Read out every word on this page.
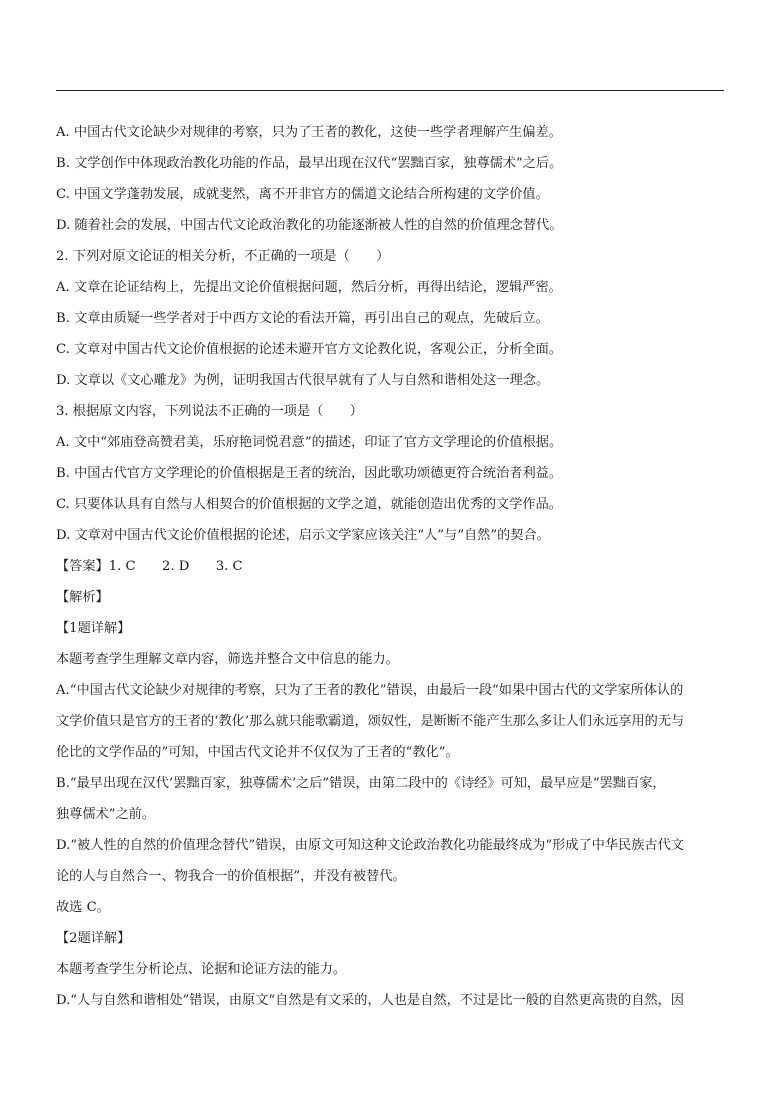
A. 中国古代文论缺少对规律的考察，只为了王者的教化，这使一些学者理解产生偏差。
B. 文学创作中体现政治教化功能的作品，最早出现在汉代“罢黜百家，独尊儒术”之后。
C. 中国文学蓬勃发展，成就斐然，离不开非官方的儒道文论结合所构建的文学价值。
D. 随着社会的发展，中国古代文论政治教化的功能逐渐被人性的自然的价值理念替代。
2. 下列对原文论证的相关分析，不正确的一项是（　　）
A. 文章在论证结构上，先提出文论价值根据问题，然后分析，再得出结论，逻辑严密。
B. 文章由质疑一些学者对于中西方文论的看法开篇，再引出自己的观点，先破后立。
C. 文章对中国古代文论价值根据的论述未避开官方文论教化说，客观公正，分析全面。
D. 文章以《文心雕龙》为例，证明我国古代很早就有了人与自然和谐相处这一理念。
3. 根据原文内容，下列说法不正确的一项是（　　）
A. 文中“郊庙登高赞君美，乐府艳词悦君意”的描述，印证了官方文学理论的价值根据。
B. 中国古代官方文学理论的价值根据是王者的统治，因此歌功颂德更符合统治者利益。
C. 只要体认具有自然与人相契合的价值根据的文学之道，就能创造出优秀的文学作品。
D. 文章对中国古代文论价值根据的论述，启示文学家应该关注“人”与“自然”的契合。
【答案】1. C　　2. D　　3. C
【解析】
【1题详解】
本题考查学生理解文章内容，筛选并整合文中信息的能力。
A.“中国古代文论缺少对规律的考察，只为了王者的教化”错误，由最后一段“如果中国古代的文学家所体认的
文学价值只是官方的王者的‘教化’那么就只能歌霸道，颂奴性，是断断不能产生那么多让人们永远享用的无与
伦比的文学作品的”可知，中国古代文论并不仅仅为了王者的“教化”。
B.“最早出现在汉代‘罢黜百家，独尊儒术’之后”错误，由第二段中的《诗经》可知，最早应是“罢黜百家，
独尊儒术”之前。
D.“被人性的自然的价值理念替代”错误，由原文可知这种文论政治教化功能最终成为“形成了中华民族古代文
论的人与自然合一、物我合一的价值根据”，并没有被替代。
故选 C。
【2题详解】
本题考查学生分析论点、论据和论证方法的能力。
D.“人与自然和谐相处”错误，由原文“自然是有文采的，人也是自然，不过是比一般的自然更高贵的自然，因
